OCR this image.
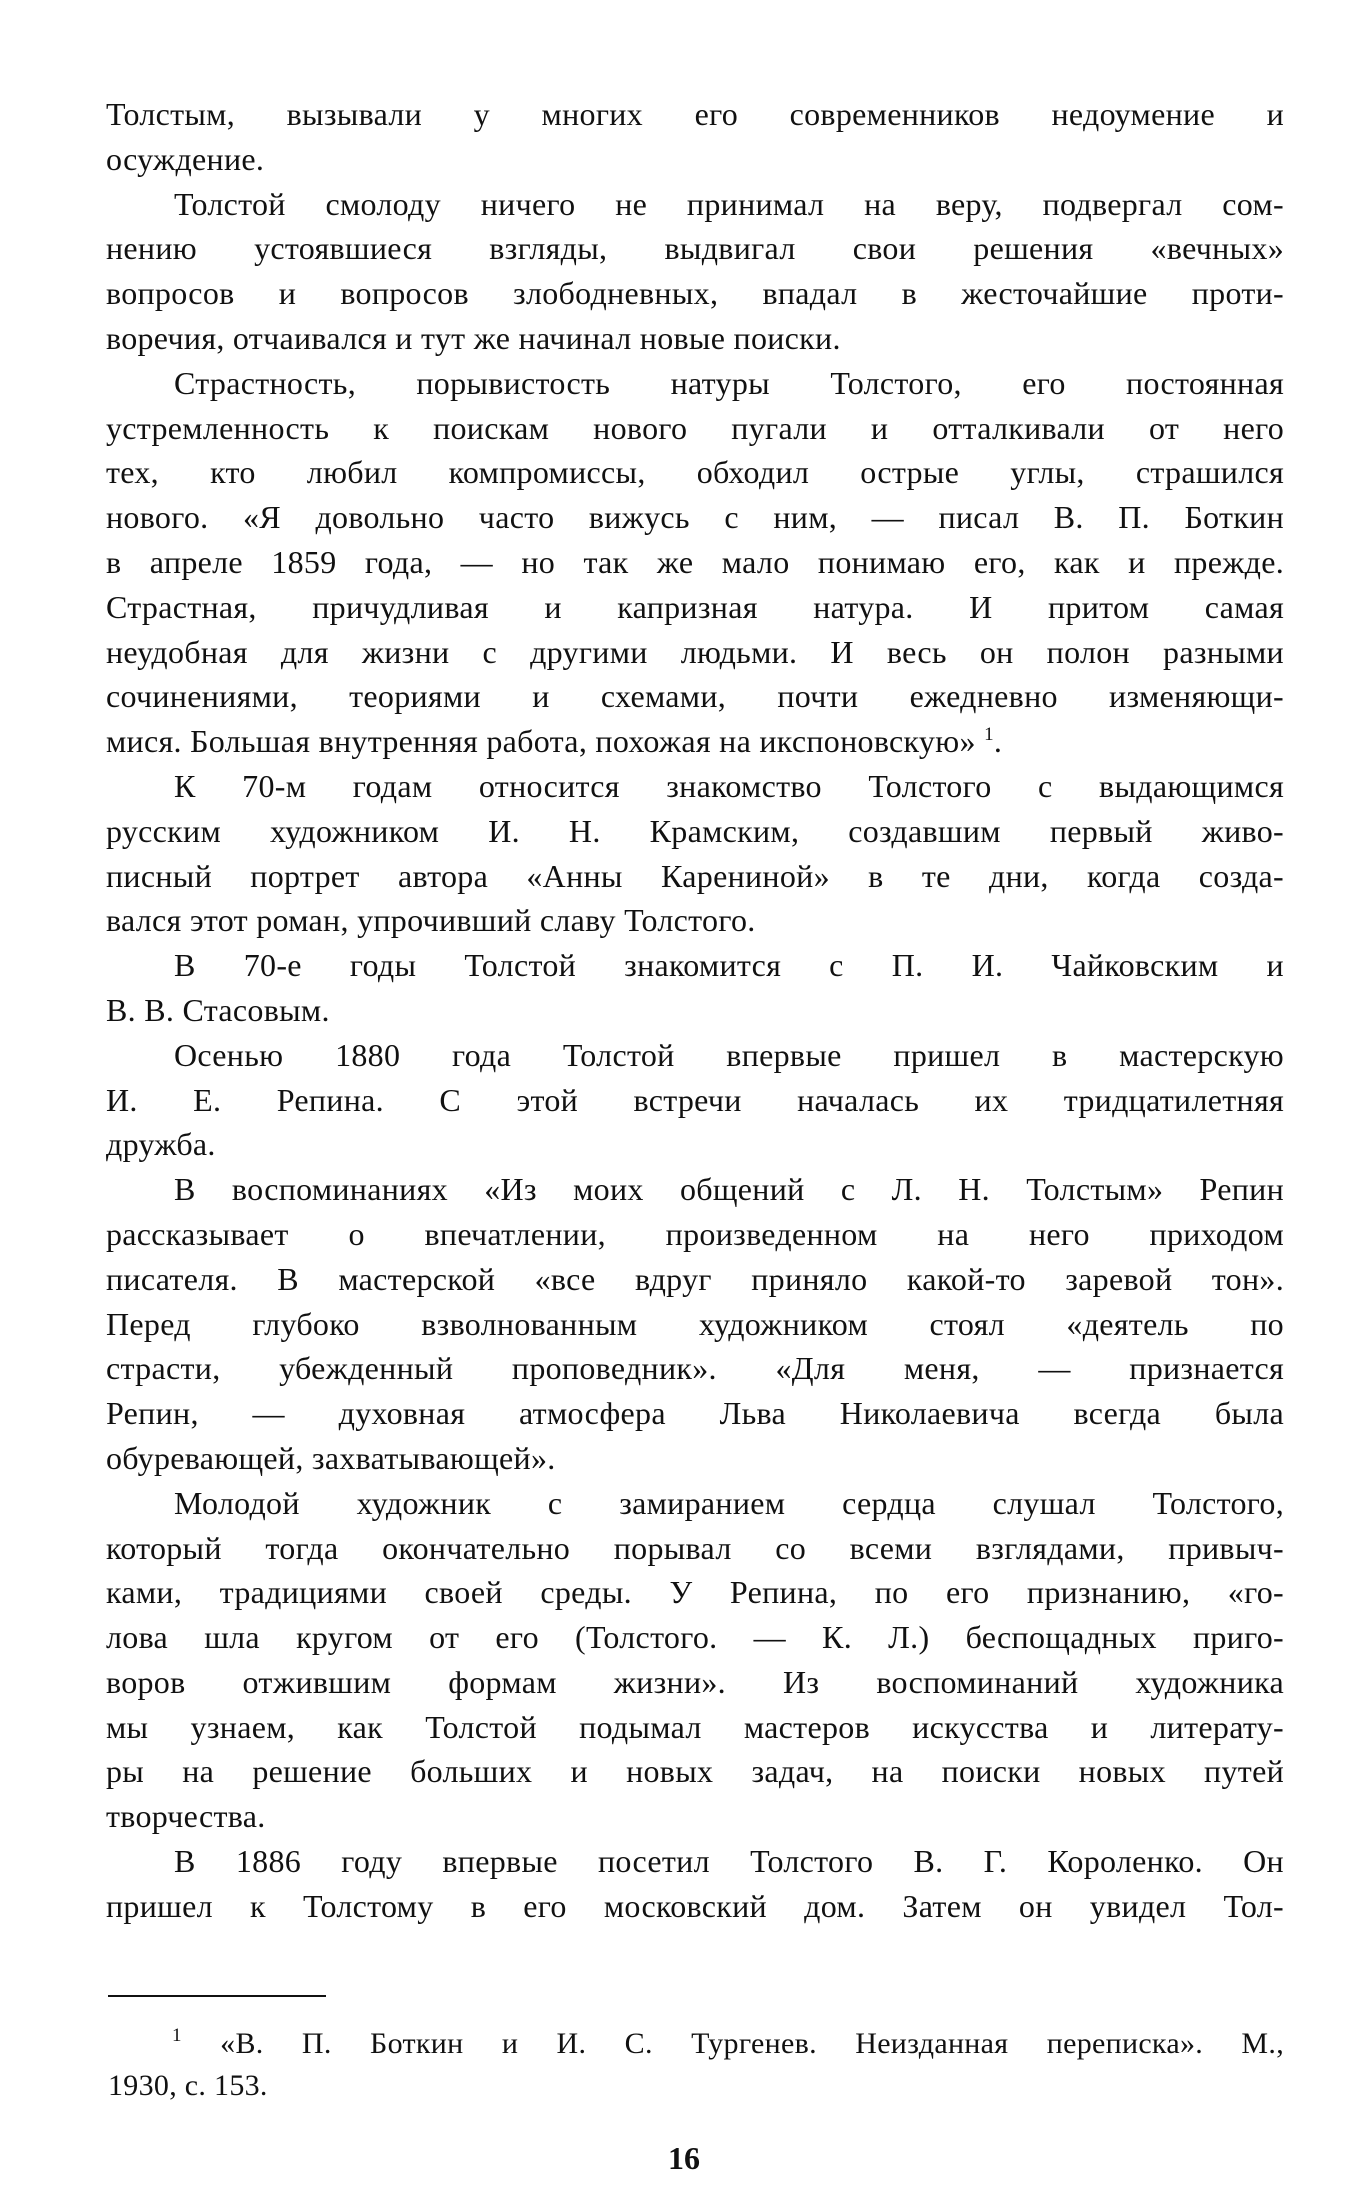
Толстым, вызывали у многих его современников недоумение и
осуждение.
Толстой смолоду ничего не принимал на веру, подвергал сом-
нению устоявшиеся взгляды, выдвигал свои решения «вечных»
вопросов и вопросов злободневных, впадал в жесточайшие проти-
воречия, отчаивался и тут же начинал новые поиски.
Страстность, порывистость натуры Толстого, его постоянная
устремленность к поискам нового пугали и отталкивали от него
тех, кто любил компромиссы, обходил острые углы, страшился
нового. «Я довольно часто вижусь с ним, — писал В. П. Боткин
в апреле 1859 года, — но так же мало понимаю его, как и прежде.
Страстная, причудливая и капризная натура. И притом самая
неудобная для жизни с другими людьми. И весь он полон разными
сочинениями, теориями и схемами, почти ежедневно изменяющи-
мися. Большая внутренняя работа, похожая на икспоновскую» $^1$.
К 70-м годам относится знакомство Толстого с выдающимся
русским художником И. Н. Крамским, создавшим первый живо-
писный портрет автора «Анны Карениной» в те дни, когда созда-
вался этот роман, упрочивший славу Толстого.
В 70-е годы Толстой знакомится с П. И. Чайковским и
В. В. Стасовым.
Осенью 1880 года Толстой впервые пришел в мастерскую
И. Е. Репина. С этой встречи началась их тридцатилетняя
дружба.
В воспоминаниях «Из моих общений с Л. Н. Толстым» Репин
рассказывает о впечатлении, произведенном на него приходом
писателя. В мастерской «все вдруг приняло какой-то заревой тон».
Перед глубоко взволнованным художником стоял «деятель по
страсти, убежденный проповедник». «Для меня, — признается
Репин, — духовная атмосфера Льва Николаевича всегда была
обуревающей, захватывающей».
Молодой художник с замиранием сердца слушал Толстого,
который тогда окончательно порывал со всеми взглядами, привыч-
ками, традициями своей среды. У Репина, по его признанию, «го-
лова шла кругом от его (Толстого. — К. Л.) беспощадных приго-
воров отжившим формам жизни». Из воспоминаний художника
мы узнаем, как Толстой подымал мастеров искусства и литерату-
ры на решение больших и новых задач, на поиски новых путей
творчества.
В 1886 году впервые посетил Толстого В. Г. Короленко. Он
пришел к Толстому в его московский дом. Затем он увидел Тол-
$^1$ «В. П. Боткин и И. С. Тургенев. Неизданная переписка». М.,
1930, с. 153.
16
